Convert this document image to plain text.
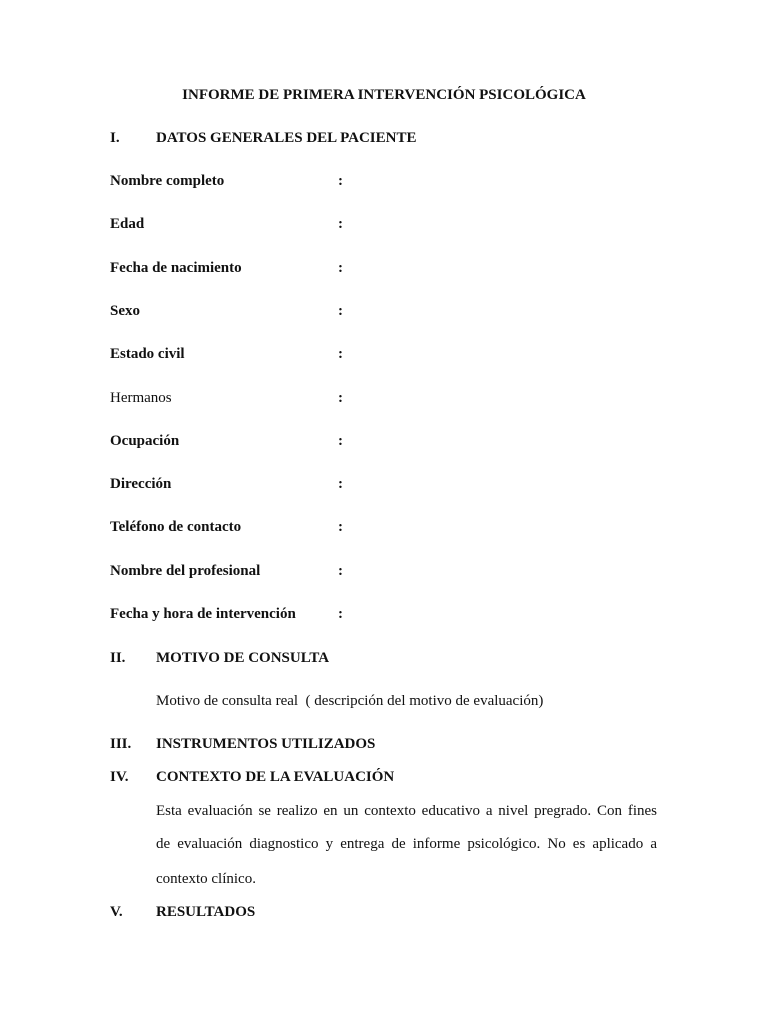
INFORME DE PRIMERA INTERVENCIÓN PSICOLÓGICA
I. DATOS GENERALES DEL PACIENTE
Nombre completo	:
Edad	:
Fecha de nacimiento	:
Sexo	:
Estado civil	:
Hermanos	:
Ocupación	:
Dirección	:
Teléfono de contacto	:
Nombre del profesional	:
Fecha y hora de intervención	:
II. MOTIVO DE CONSULTA
Motivo de consulta real  ( descripción del motivo de evaluación)
III. INSTRUMENTOS UTILIZADOS
IV. CONTEXTO DE LA EVALUACIÓN
Esta evaluación se realizo en un contexto educativo a nivel pregrado. Con fines
de evaluación diagnostico y entrega de informe psicológico. No es aplicado a
contexto clínico.
V. RESULTADOS
